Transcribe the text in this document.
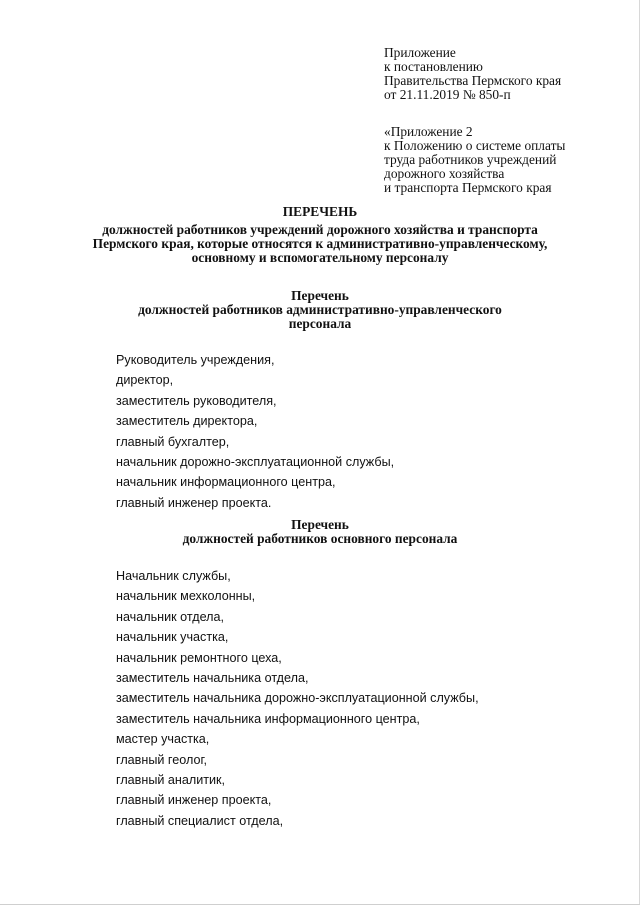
Приложение
к постановлению
Правительства Пермского края
от 21.11.2019 № 850-п
«Приложение 2
к Положению о системе оплаты
труда работников учреждений
дорожного хозяйства
и транспорта Пермского края
ПЕРЕЧЕНЬ
должностей работников учреждений дорожного хозяйства и транспорта
Пермского края, которые относятся к административно-управленческому,
основному и вспомогательному персоналу
Перечень
должностей работников административно-управленческого
персонала
Руководитель учреждения,
директор,
заместитель руководителя,
заместитель директора,
главный бухгалтер,
начальник дорожно-эксплуатационной службы,
начальник информационного центра,
главный инженер проекта.
Перечень
должностей работников основного персонала
Начальник службы,
начальник мехколонны,
начальник отдела,
начальник участка,
начальник ремонтного цеха,
заместитель начальника отдела,
заместитель начальника дорожно-эксплуатационной службы,
заместитель начальника информационного центра,
мастер участка,
главный геолог,
главный аналитик,
главный инженер проекта,
главный специалист отдела,
